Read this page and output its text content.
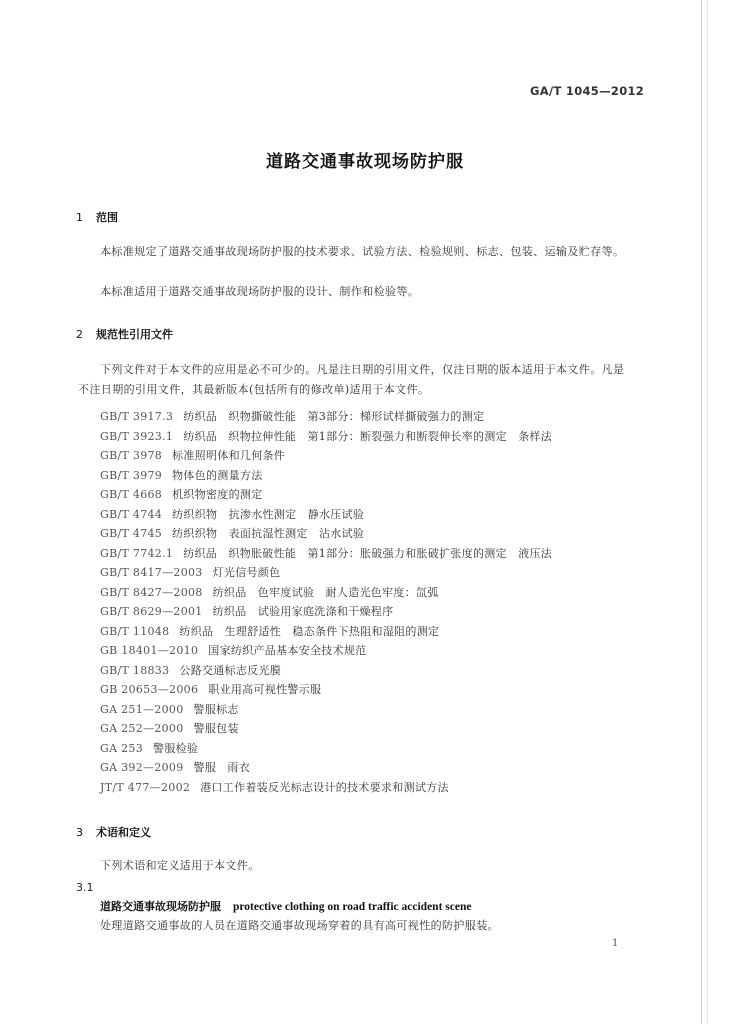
GA/T 1045—2012
道路交通事故现场防护服
1 范围
本标准规定了道路交通事故现场防护服的技术要求、试验方法、检验规则、标志、包装、运输及贮存等。
本标准适用于道路交通事故现场防护服的设计、制作和检验等。
2 规范性引用文件
下列文件对于本文件的应用是必不可少的。凡是注日期的引用文件，仅注日期的版本适用于本文件。凡是不注日期的引用文件，其最新版本(包括所有的修改单)适用于本文件。
GB/T 3917.3 纺织品　织物撕破性能　第3部分：梯形试样撕破强力的测定
GB/T 3923.1 纺织品　织物拉伸性能　第1部分：断裂强力和断裂伸长率的测定　条样法
GB/T 3978 标准照明体和几何条件
GB/T 3979 物体色的测量方法
GB/T 4668 机织物密度的测定
GB/T 4744 纺织织物　抗渗水性测定　静水压试验
GB/T 4745 纺织织物　表面抗湿性测定　沾水试验
GB/T 7742.1 纺织品　织物胀破性能　第1部分：胀破强力和胀破扩张度的测定　液压法
GB/T 8417—2003 灯光信号颜色
GB/T 8427—2008 纺织品　色牢度试验　耐人造光色牢度：氙弧
GB/T 8629—2001 纺织品　试验用家庭洗涤和干燥程序
GB/T 11048 纺织品　生理舒适性　稳态条件下热阻和湿阻的测定
GB 18401—2010 国家纺织产品基本安全技术规范
GB/T 18833 公路交通标志反光膜
GB 20653—2006 职业用高可视性警示服
GA 251—2000 警服标志
GA 252—2000 警服包装
GA 253 警服检验
GA 392—2009 警服　雨衣
JT/T 477—2002 港口工作着装反光标志设计的技术要求和测试方法
3 术语和定义
下列术语和定义适用于本文件。
3.1
道路交通事故现场防护服 protective clothing on road traffic accident scene
处理道路交通事故的人员在道路交通事故现场穿着的具有高可视性的防护服装。
1
